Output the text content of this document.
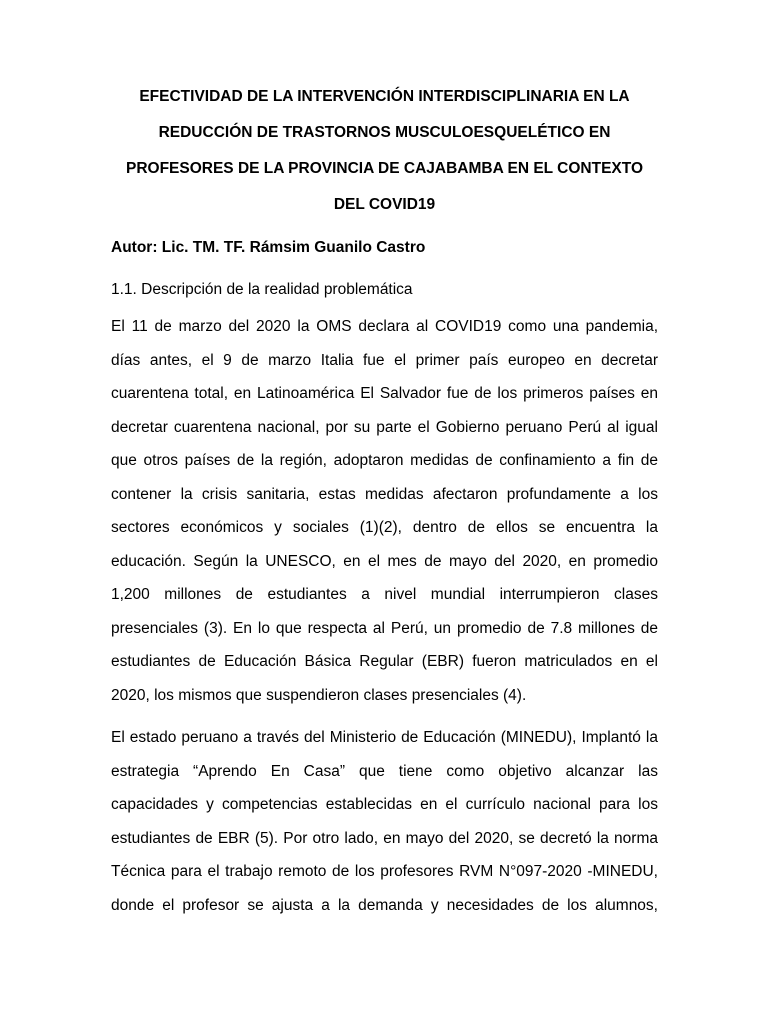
EFECTIVIDAD DE LA INTERVENCIÓN INTERDISCIPLINARIA EN LA
REDUCCIÓN DE TRASTORNOS MUSCULOESQUELÉTICO EN
PROFESORES DE LA PROVINCIA DE CAJABAMBA EN EL CONTEXTO
DEL COVID19
Autor: Lic. TM. TF. Rámsim Guanilo Castro
1.1. Descripción de la realidad problemática
El 11 de marzo del 2020 la OMS declara al COVID19 como una pandemia,
días antes, el 9 de marzo Italia fue el primer país europeo en decretar
cuarentena total, en Latinoamérica El Salvador fue de los primeros países en
decretar cuarentena nacional, por su parte el Gobierno peruano Perú al igual
que otros países de la región, adoptaron medidas de confinamiento a fin de
contener la crisis sanitaria, estas medidas afectaron profundamente a los
sectores económicos y sociales (1)(2), dentro de ellos se encuentra la
educación. Según la UNESCO, en el mes de mayo del 2020, en promedio
1,200 millones de estudiantes a nivel mundial interrumpieron clases
presenciales (3). En lo que respecta al Perú, un promedio de 7.8 millones de
estudiantes de Educación Básica Regular (EBR) fueron matriculados en el
2020, los mismos que suspendieron clases presenciales (4).
El estado peruano a través del Ministerio de Educación (MINEDU), Implantó la
estrategia “Aprendo En Casa” que tiene como objetivo alcanzar las
capacidades y competencias establecidas en el currículo nacional para los
estudiantes de EBR (5). Por otro lado, en mayo del 2020, se decretó la norma
Técnica para el trabajo remoto de los profesores RVM N°097-2020 -MINEDU,
donde el profesor se ajusta a la demanda y necesidades de los alumnos,
